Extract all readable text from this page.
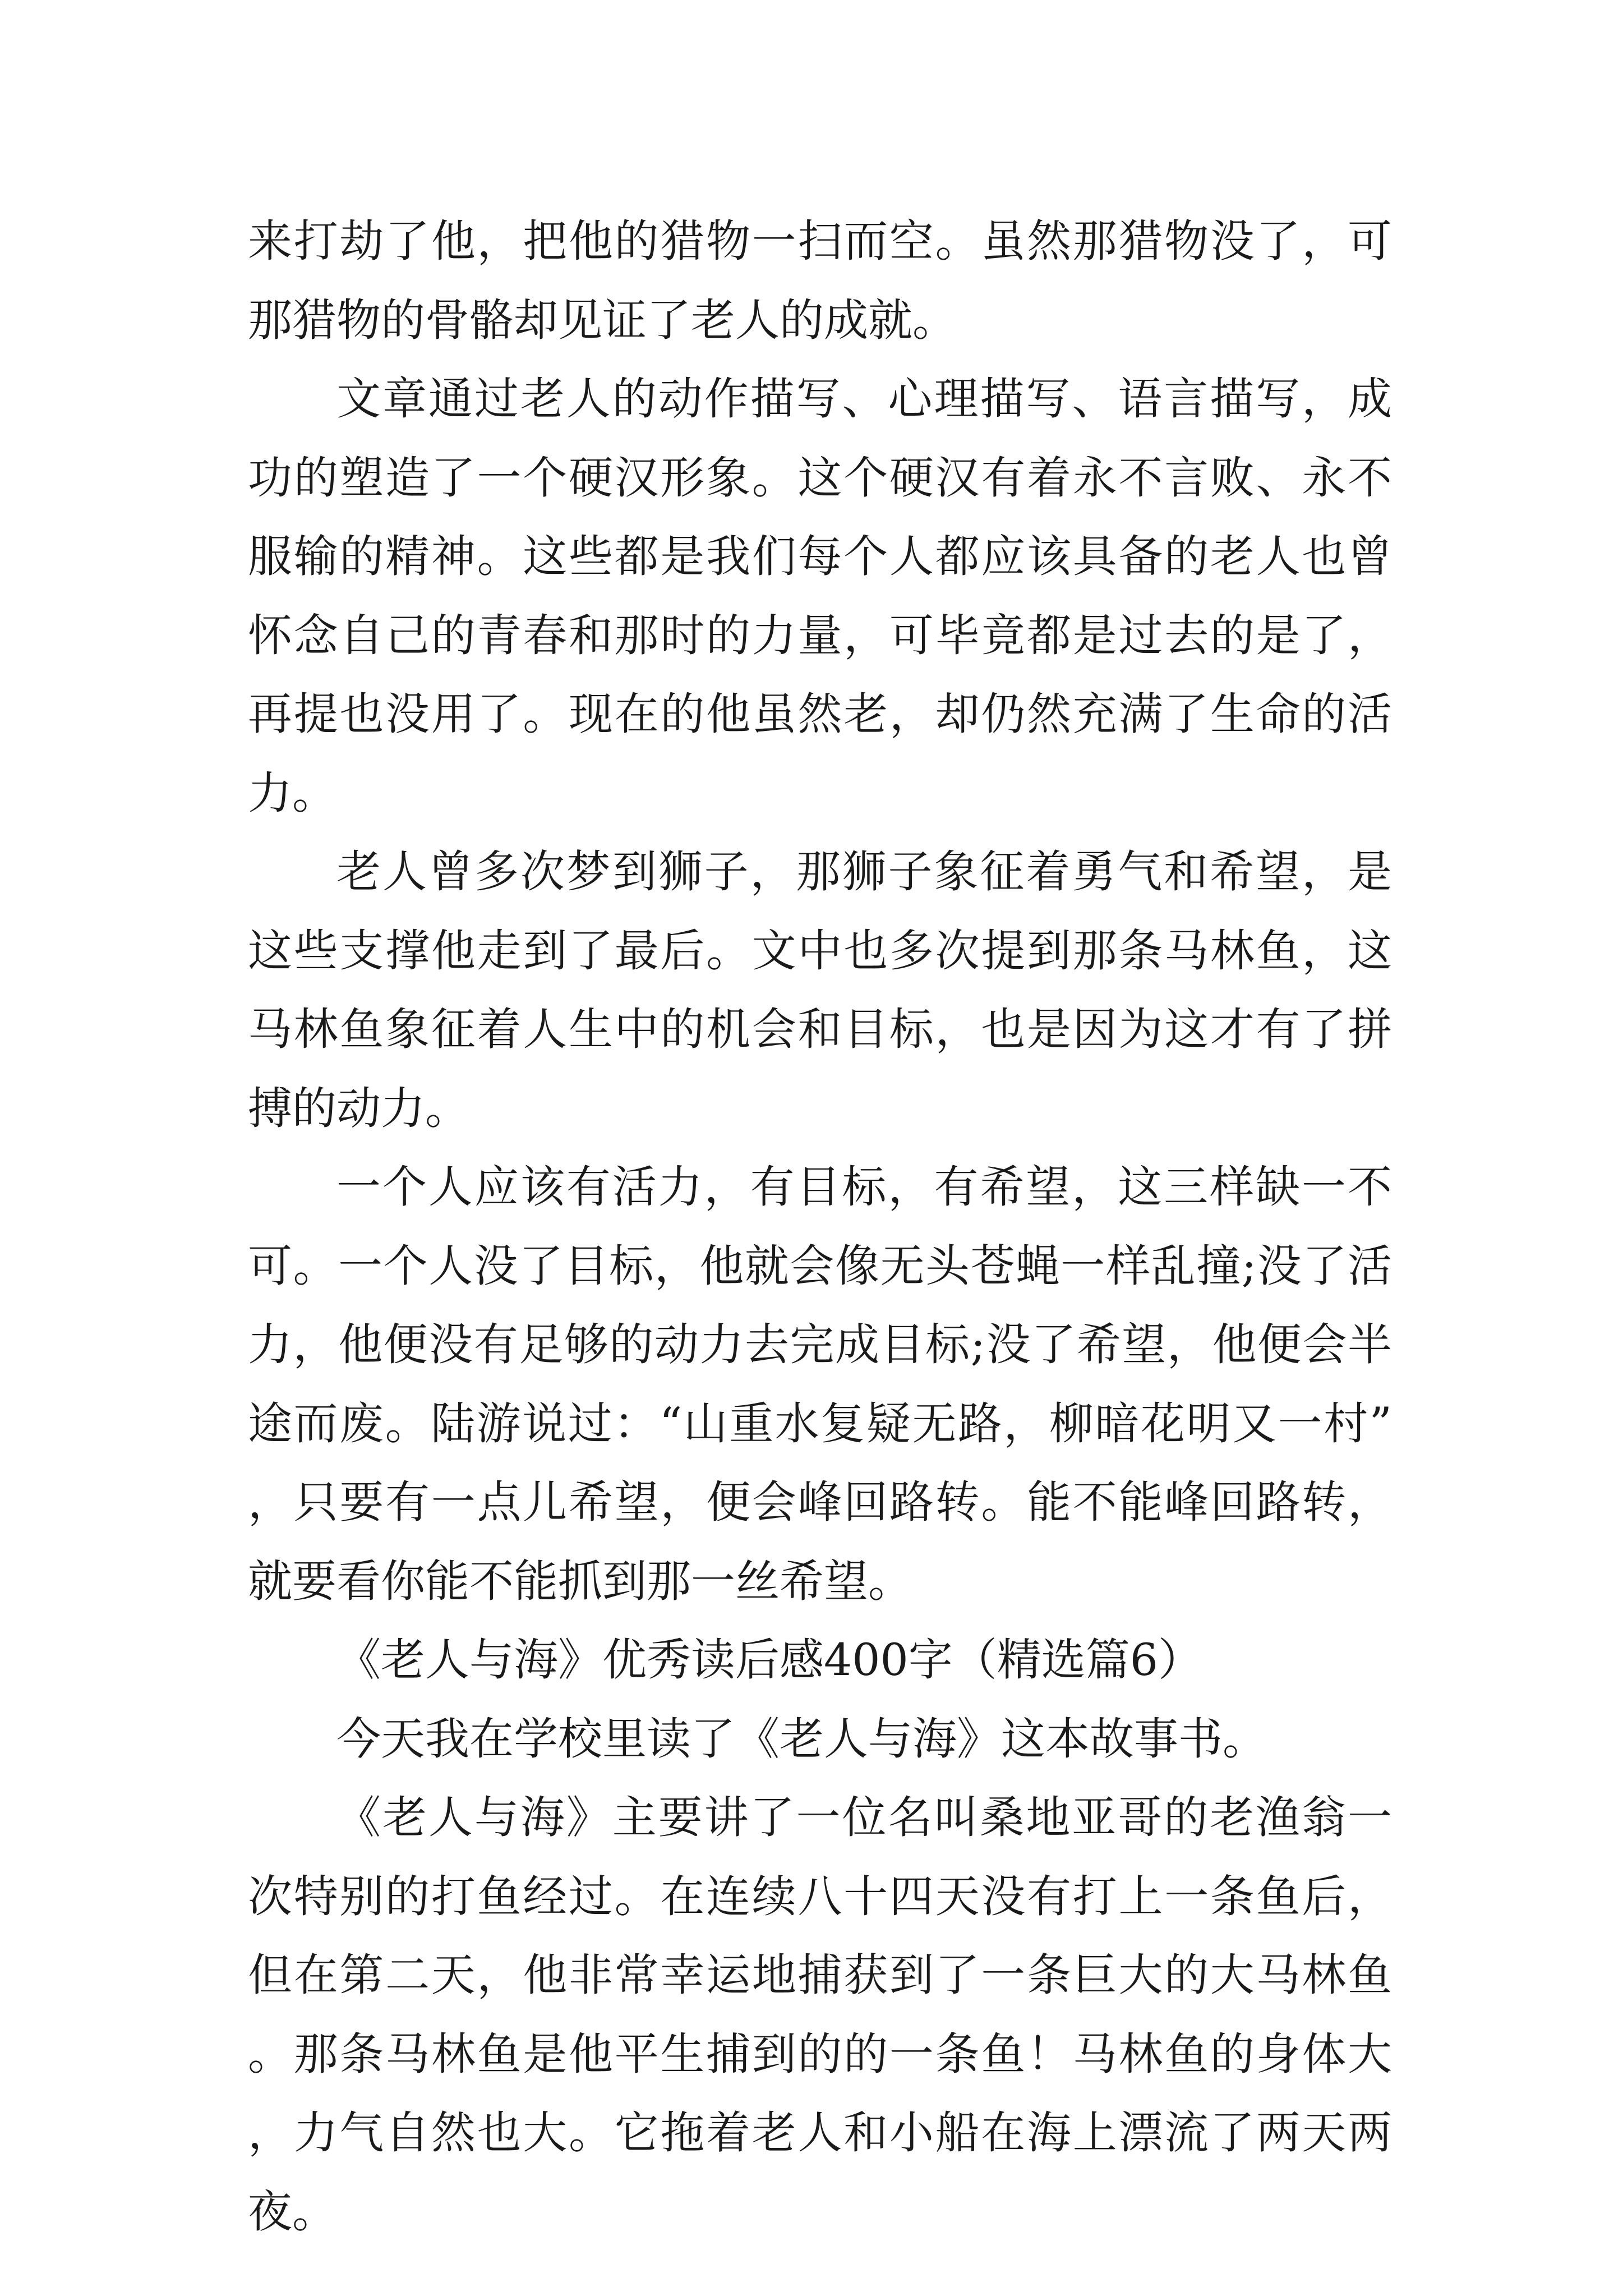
来打劫了他，把他的猎物一扫而空。虽然那猎物没了，可那猎物的骨骼却见证了老人的成就。

文章通过老人的动作描写、心理描写、语言描写，成功的塑造了一个硬汉形象。这个硬汉有着永不言败、永不服输的精神。这些都是我们每个人都应该具备的老人也曾怀念自己的青春和那时的力量，可毕竟都是过去的是了，再提也没用了。现在的他虽然老，却仍然充满了生命的活力。

老人曾多次梦到狮子，那狮子象征着勇气和希望，是这些支撑他走到了最后。文中也多次提到那条马林鱼，这马林鱼象征着人生中的机会和目标，也是因为这才有了拼搏的动力。

一个人应该有活力，有目标，有希望，这三样缺一不可。一个人没了目标，他就会像无头苍蝇一样乱撞;没了活力，他便没有足够的动力去完成目标;没了希望，他便会半途而废。陆游说过：“山重水复疑无路，柳暗花明又一村”，只要有一点儿希望，便会峰回路转。能不能峰回路转，就要看你能不能抓到那一丝希望。

《老人与海》优秀读后感400字（精选篇6）

今天我在学校里读了《老人与海》这本故事书。

《老人与海》主要讲了一位名叫桑地亚哥的老渔翁一次特别的打鱼经过。在连续八十四天没有打上一条鱼后，但在第二天，他非常幸运地捕获到了一条巨大的大马林鱼。那条马林鱼是他平生捕到的的一条鱼！马林鱼的身体大，力气自然也大。它拖着老人和小船在海上漂流了两天两夜。
